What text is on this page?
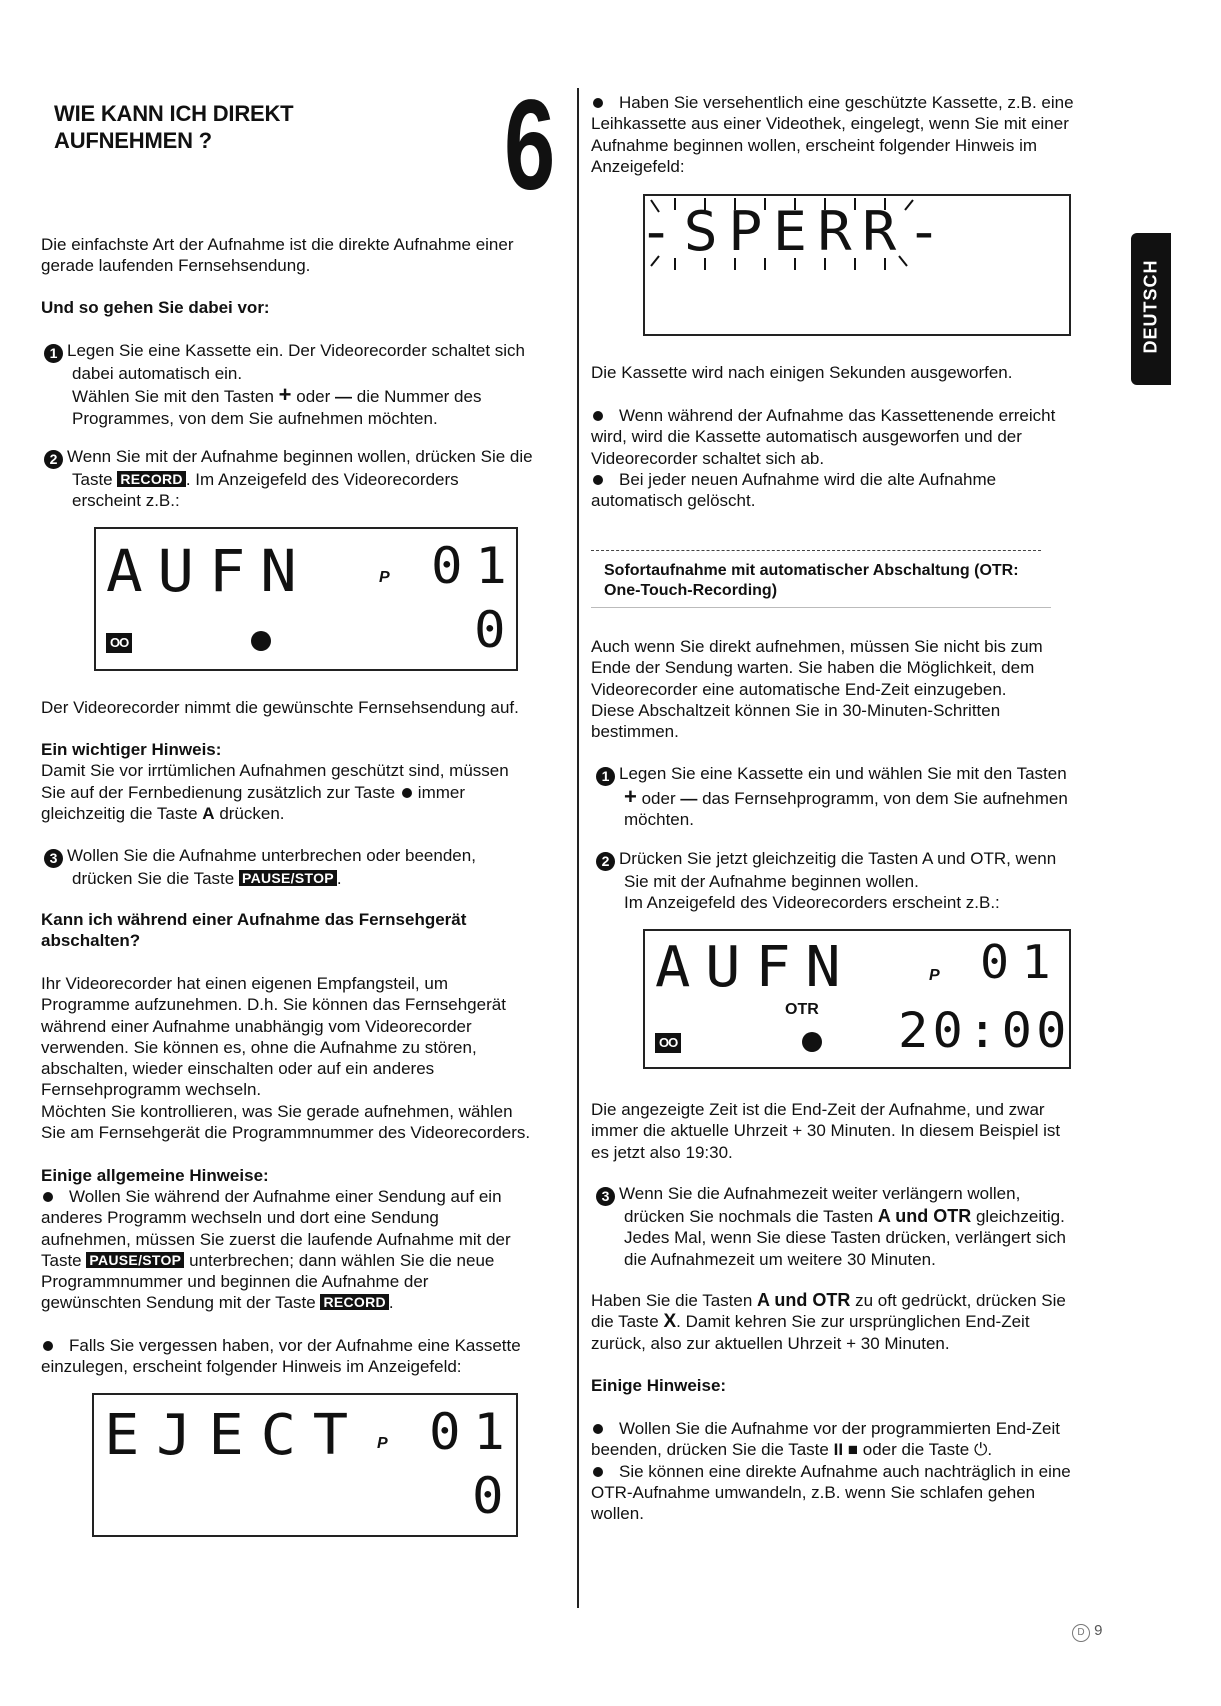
WIE KANN ICH DIREKT
AUFNEHMEN ?	6

Die einfachste Art der Aufnahme ist die direkte Aufnahme einer

gerade laufenden Fernsehsendung.

Und so gehen Sie dabei vor:

1 Legen Sie eine Kassette ein. Der Videorecorder schaltet sich

dabei automatisch ein.

Wählen Sie mit den Tasten + oder — die Nummer des

Programmes, von dem Sie aufnehmen möchten.

2 Wenn Sie mit der Aufnahme beginnen wollen, drücken Sie die

Taste RECORD . Im Anzeigefeld des Videorecorders

erscheint z.B.:

AUFN	P 01
OO	0

Der Videorecorder nimmt die gewünschte Fernsehsendung auf.

Ein wichtiger Hinweis:

Damit Sie vor irrtümlichen Aufnahmen geschützt sind, müssen

Sie auf der Fernbedienung zusätzlich zur Taste immer

gleichzeitig die Taste A drücken.

3 Wollen Sie die Aufnahme unterbrechen oder beenden,

drücken Sie die Taste PAUSE/STOP .

Kann ich während einer Aufnahme das Fernsehgerät

abschalten?

Ihr Videorecorder hat einen eigenen Empfangsteil, um

Programme aufzunehmen. D.h. Sie können das Fernsehgerät

während einer Aufnahme unabhängig vom Videorecorder

verwenden. Sie können es, ohne die Aufnahme zu stören,

abschalten, wieder einschalten oder auf ein anderes

Fernsehprogramm wechseln.

Möchten Sie kontrollieren, was Sie gerade aufnehmen, wählen

Sie am Fernsehgerät die Programmnummer des Videorecorders.

Einige allgemeine Hinweise:

Wollen Sie während der Aufnahme einer Sendung auf ein

anderes Programm wechseln und dort eine Sendung

aufnehmen, müssen Sie zuerst die laufende Aufnahme mit der

Taste PAUSE/STOP unterbrechen; dann wählen Sie die neue

Programmnummer und beginnen die Aufnahme der

gewünschten Sendung mit der Taste RECORD .

Falls Sie vergessen haben, vor der Aufnahme eine Kassette

einzulegen, erscheint folgender Hinweis im Anzeigefeld:

EJECT P 01
0

Haben Sie versehentlich eine geschützte Kassette, z.B. eine

Leihkassette aus einer Videothek, eingelegt, wenn Sie mit einer

Aufnahme beginnen wollen, erscheint folgender Hinweis im

Anzeigefeld:

-SPERR-

Die Kassette wird nach einigen Sekunden ausgeworfen.

Wenn während der Aufnahme das Kassettenende erreicht

wird, wird die Kassette automatisch ausgeworfen und der

Videorecorder schaltet sich ab.

Bei jeder neuen Aufnahme wird die alte Aufnahme

automatisch gelöscht.

Sofortaufnahme mit automatischer Abschaltung (OTR:

One-Touch-Recording)

Auch wenn Sie direkt aufnehmen, müssen Sie nicht bis zum

Ende der Sendung warten. Sie haben die Möglichkeit, dem

Videorecorder eine automatische End-Zeit einzugeben.

Diese Abschaltzeit können Sie in 30-Minuten-Schritten

bestimmen.

1 Legen Sie eine Kassette ein und wählen Sie mit den Tasten

+ oder — das Fernsehprogramm, von dem Sie aufnehmen

möchten.

2 Drücken Sie jetzt gleichzeitig die Tasten A und OTR, wenn

Sie mit der Aufnahme beginnen wollen.

Im Anzeigefeld des Videorecorders erscheint z.B.:

AUFN	P 01
OTR
OO	20:00

Die angezeigte Zeit ist die End-Zeit der Aufnahme, und zwar

immer die aktuelle Uhrzeit + 30 Minuten. In diesem Beispiel ist

es jetzt also 19:30.

3 Wenn Sie die Aufnahmezeit weiter verlängern wollen,

drücken Sie nochmals die Tasten A und OTR gleichzeitig.

Jedes Mal, wenn Sie diese Tasten drücken, verlängert sich

die Aufnahmezeit um weitere 30 Minuten.

Haben Sie die Tasten A und OTR zu oft gedrückt, drücken Sie

die Taste X. Damit kehren Sie zur ursprünglichen End-Zeit

zurück, also zur aktuellen Uhrzeit + 30 Minuten.

Einige Hinweise:

Wollen Sie die Aufnahme vor der programmierten End-Zeit

beenden, drücken Sie die Taste II ■ oder die Taste ⏻.

Sie können eine direkte Aufnahme auch nachträglich in eine

OTR-Aufnahme umwandeln, z.B. wenn Sie schlafen gehen

wollen.

DEUTSCH
D 9
